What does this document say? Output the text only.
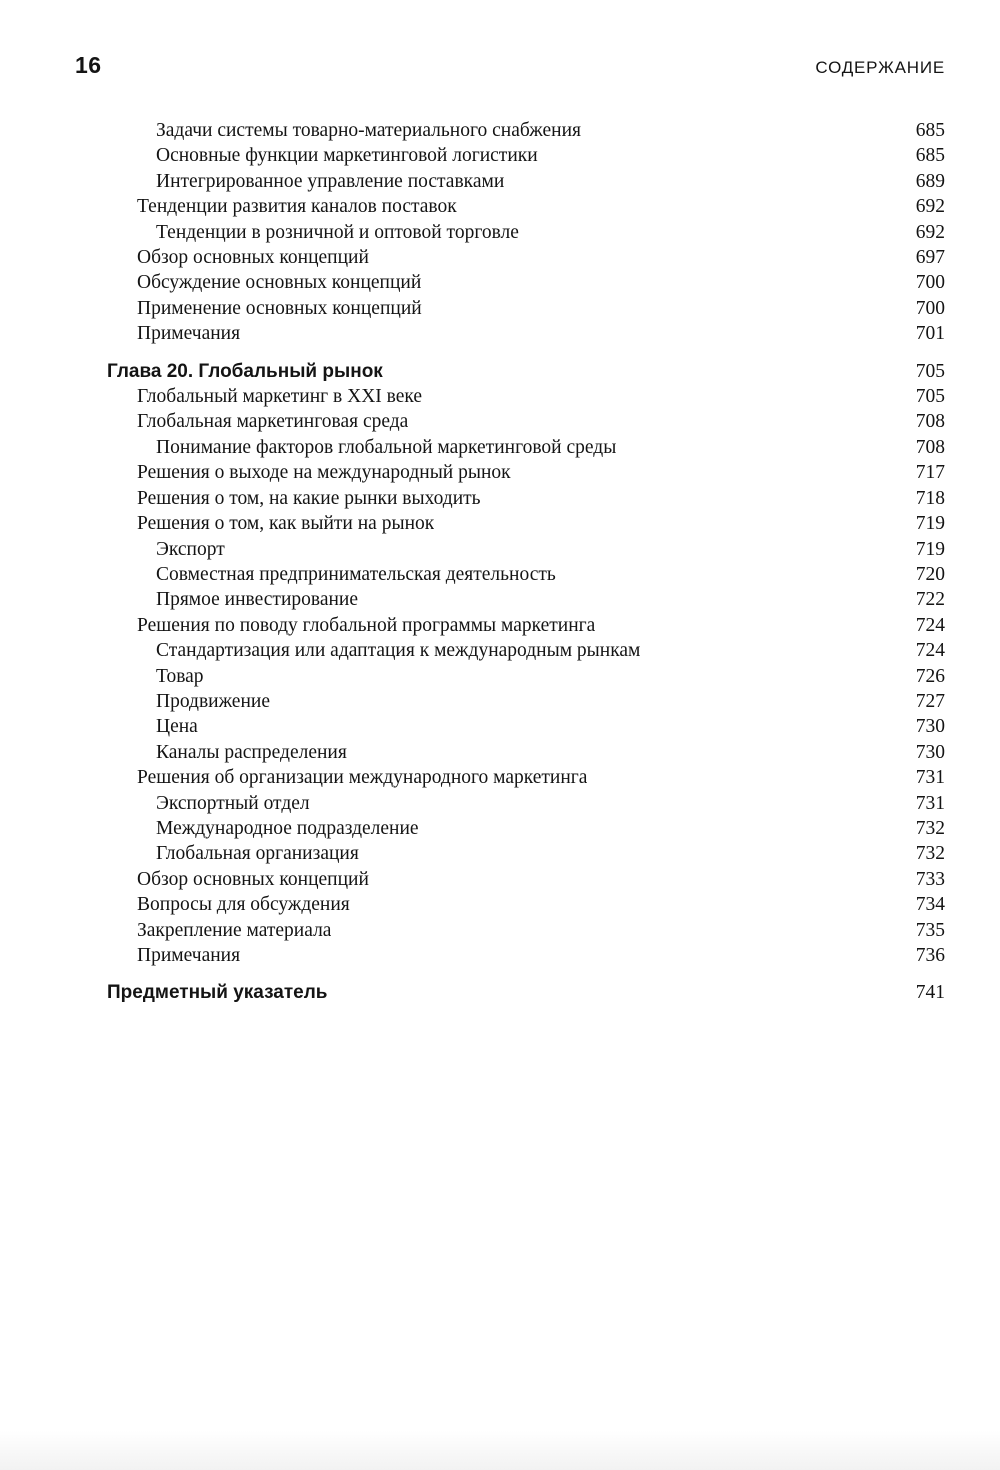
16	СОДЕРЖАНИЕ
Задачи системы товарно-материального снабжения	685
Основные функции маркетинговой логистики	685
Интегрированное управление поставками	689
Тенденции развития каналов поставок	692
Тенденции в розничной и оптовой торговле	692
Обзор основных концепций	697
Обсуждение основных концепций	700
Применение основных концепций	700
Примечания	701
Глава 20. Глобальный рынок	705
Глобальный маркетинг в XXI веке	705
Глобальная маркетинговая среда	708
Понимание факторов глобальной маркетинговой среды	708
Решения о выходе на международный рынок	717
Решения о том, на какие рынки выходить	718
Решения о том, как выйти на рынок	719
Экспорт	719
Совместная предпринимательская деятельность	720
Прямое инвестирование	722
Решения по поводу глобальной программы маркетинга	724
Стандартизация или адаптация к международным рынкам	724
Товар	726
Продвижение	727
Цена	730
Каналы распределения	730
Решения об организации международного маркетинга	731
Экспортный отдел	731
Международное подразделение	732
Глобальная организация	732
Обзор основных концепций	733
Вопросы для обсуждения	734
Закрепление материала	735
Примечания	736
Предметный указатель	741
